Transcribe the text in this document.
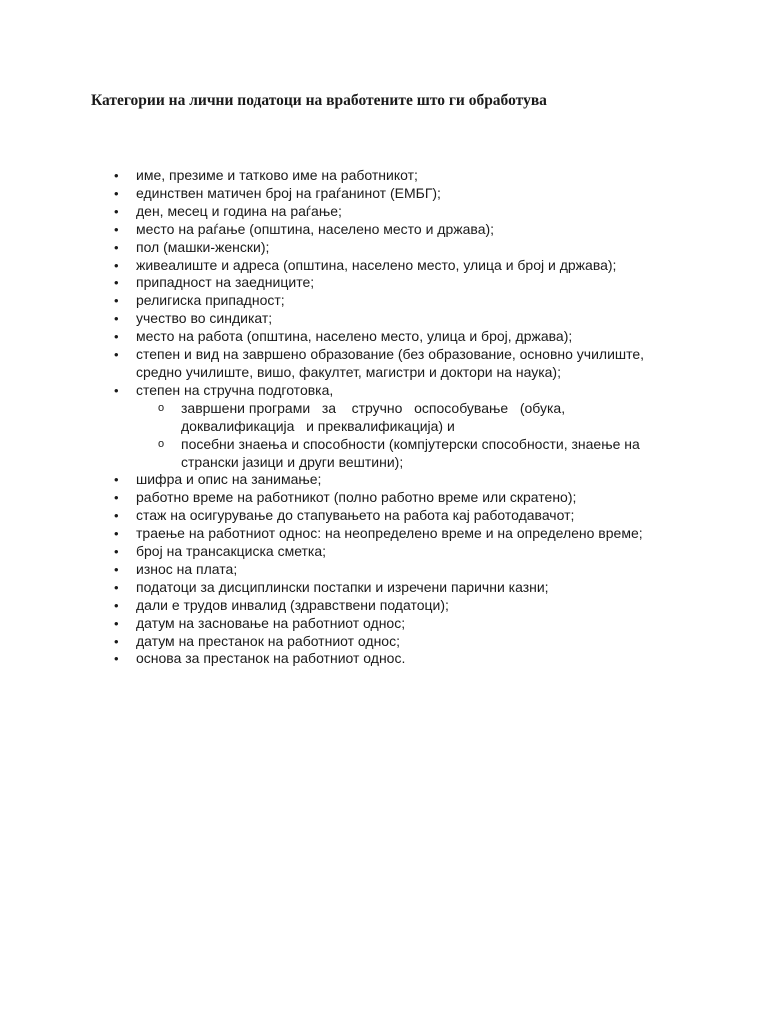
Категории на лични податоци на вработените што ги обработува
• име, презиме и татково име на работникот;
• единствен матичен број на граѓанинот (ЕМБГ);
• ден, месец и година на раѓање;
• место на раѓање (општина, населено место и држава);
• пол (машки-женски);
• живеалиште и адреса (општина, населено место, улица и број и држава);
• припадност на заедниците;
• религиска припадност;
• учество во синдикат;
• место на работа (општина, населено место, улица и број, држава);
• степен и вид на завршено образование (без образование, основно училиште, средно училиште, вишо, факултет, магистри и доктори на наука);
• степен на стручна подготовка,
o завршени програми   за    стручно   оспособување   (обука, доквалификација   и преквалификација) и
o посебни знаења и способности (компјутерски способности, знаење на странски јазици и други вештини);
• шифра и опис на занимање;
• работно време на работникот (полно работно време или скратено);
• стаж на осигурување до стапувањето на работа кај работодавачот;
• траење на работниот однос: на неопределено време и на определено време;
• број на трансакциска сметка;
• износ на плата;
• податоци за дисциплински постапки и изречени парични казни;
• дали е трудов инвалид (здравствени податоци);
• датум на засновање на работниот однос;
• датум на престанок на работниот однос;
• основа за престанок на работниот однос.
